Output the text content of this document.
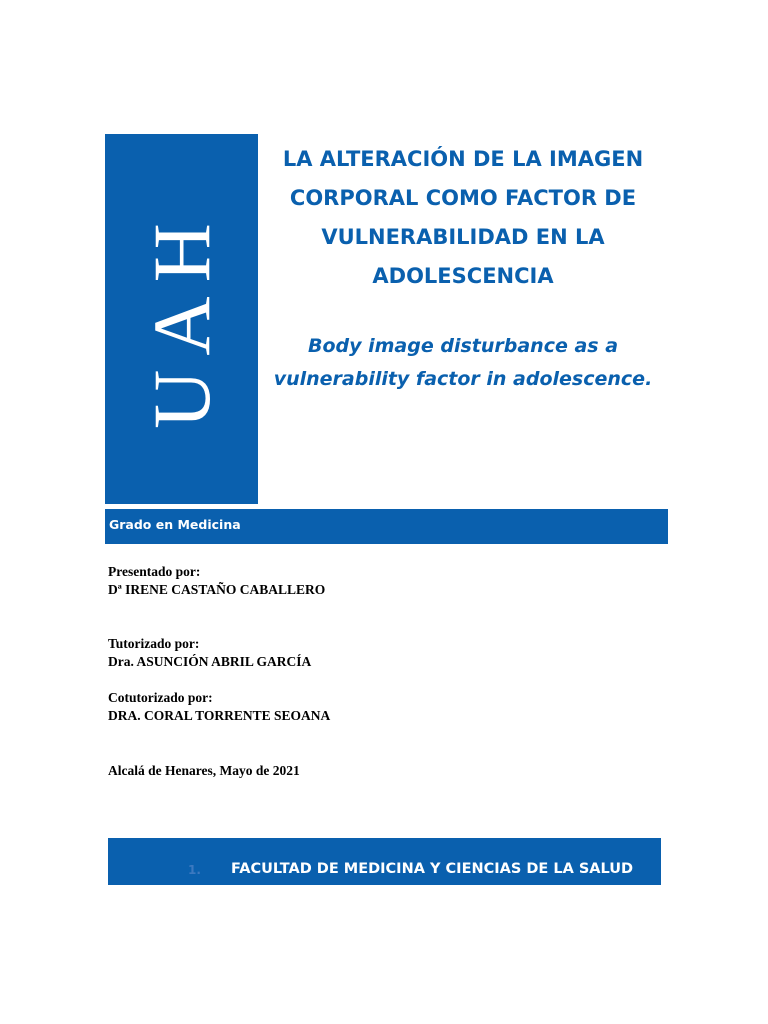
UAH
LA ALTERACIÓN DE LA IMAGEN CORPORAL COMO FACTOR DE VULNERABILIDAD EN LA ADOLESCENCIA
Body image disturbance as a vulnerability factor in adolescence.
Grado en Medicina
Presentado por:
Dª IRENE CASTAÑO CABALLERO
Tutorizado por:
Dra. ASUNCIÓN ABRIL GARCÍA
Cotutorizado por:
DRA. CORAL TORRENTE SEOANA
Alcalá de Henares, Mayo de 2021
1. FACULTAD DE MEDICINA Y CIENCIAS DE LA SALUD
